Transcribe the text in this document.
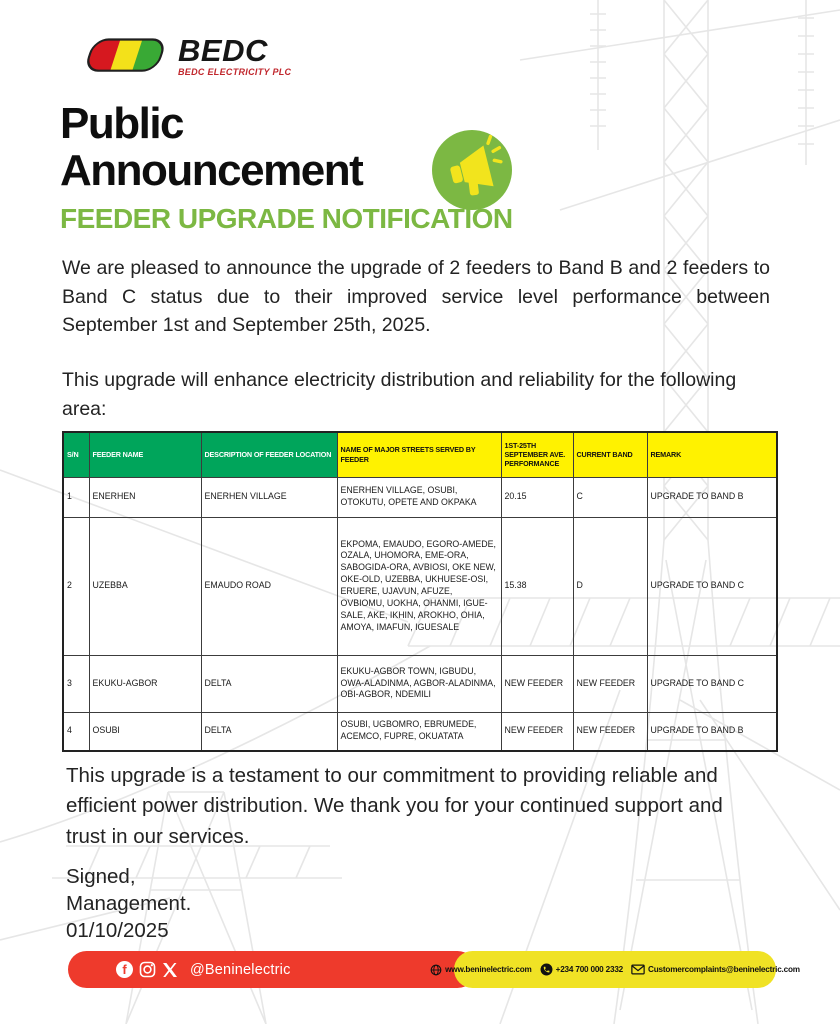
BEDC
BEDC ELECTRICITY PLC
Public
Announcement
FEEDER UPGRADE NOTIFICATION
We are pleased to announce the upgrade of 2 feeders to Band B and 2 feeders to Band C status due to their improved service level performance between September 1st and September 25th, 2025.
This upgrade will enhance electricity distribution and reliability for the following area:
S/N	FEEDER NAME	DESCRIPTION OF FEEDER LOCATION	NAME OF MAJOR STREETS SERVED BY FEEDER	1ST-25TH SEPTEMBER AVE. PERFORMANCE	CURRENT BAND	REMARK
1	ENERHEN	ENERHEN VILLAGE	ENERHEN VILLAGE, OSUBI, OTOKUTU, OPETE AND OKPAKA	20.15	C	UPGRADE TO BAND B
2	UZEBBA	EMAUDO ROAD	EKPOMA, EMAUDO, EGORO-AMEDE, OZALA, UHOMORA, EME-ORA, SABOGIDA-ORA, AVBIOSI, OKE NEW, OKE-OLD, UZEBBA, UKHUESE-OSI, ERUERE, UJAVUN, AFUZE, OVBIOMU, UOKHA, OHANMI, IGUE-SALE, AKE, IKHIN, AROKHO, OHIA, AMOYA, IMAFUN, IGUESALE	15.38	D	UPGRADE TO BAND C
3	EKUKU-AGBOR	DELTA	EKUKU-AGBOR TOWN, IGBUDU, OWA-ALADINMA, AGBOR-ALADINMA, OBI-AGBOR, NDEMILI	NEW FEEDER	NEW FEEDER	UPGRADE TO BAND C
4	OSUBI	DELTA	OSUBI, UGBOMRO, EBRUMEDE, ACEMCO, FUPRE, OKUATATA	NEW FEEDER	NEW FEEDER	UPGRADE TO BAND B
This upgrade is a testament to our commitment to providing reliable and efficient power distribution. We thank you for your continued support and trust in our services.
Signed,
Management.
01/10/2025
f	@Beninelectric	www.beninelectric.com	+234 700 000 2332	Customercomplaints@beninelectric.com
